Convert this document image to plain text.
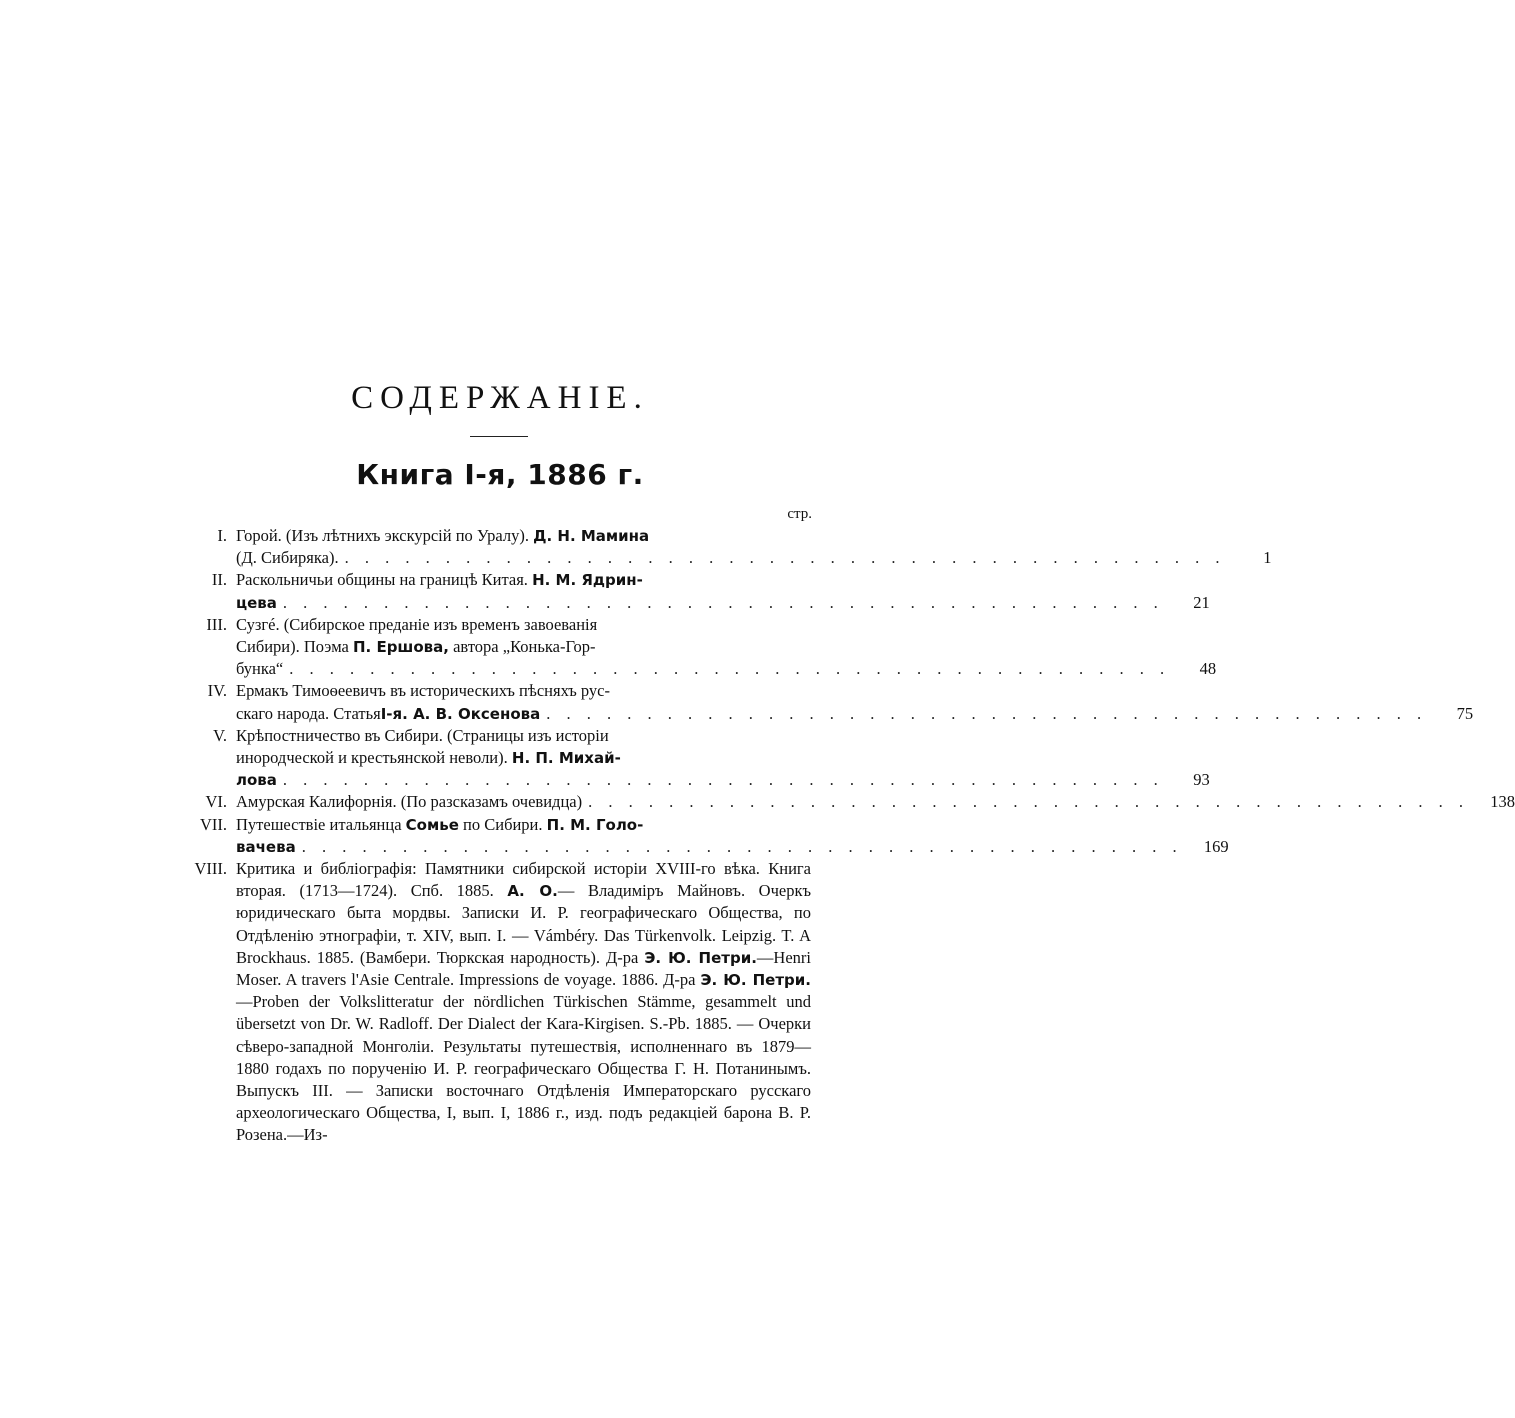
СОДЕРЖАНІЕ.
Книга I-я, 1886 г.
стр.
I. Горой. (Изъ лѣтнихъ экскурсій по Уралу). Д. Н. Мамина
(Д. Сибиряка). . . . . . . . . . . . . . . . . . . . . . . . . . . . . . . . . . . . . . . . . . . . .	1
II. Раскольничьи общины на границѣ Китая. Н. М. Ядрин-
цева . . . . . . . . . . . . . . . . . . . . . . . . . . . . . . . . . . . . . . . . . . . .	21
III. Сузгé. (Сибирское преданіе изъ временъ завоеванія
Сибири). Поэма П. Ершова, автора „Конька-Гор-
бунка“ . . . . . . . . . . . . . . . . . . . . . . . . . . . . . . . . . . . . . . . . . . . .	48
IV. Ермакъ Тимоѳеевичъ въ историческихъ пѣсняхъ рус-
скаго народа. Статья I-я. А. В. Оксенова . . . . . . . . . . . . . . . . . . . . . . . . . . . . . . . . . . . . . . . . . . . .	75
V. Крѣпостничество въ Сибири. (Страницы изъ исторіи
инородческой и крестьянской неволи). Н. П. Михай-
лова . . . . . . . . . . . . . . . . . . . . . . . . . . . . . . . . . . . . . . . . . . . .	93
VI. Амурская Калифорнія. (По разсказамъ очевидца) . . . . . . . . . . . . . . . . . . . . . . . . . . . . . . . . . . . . . . . . . . . .	138
VII. Путешествіе итальянца Сомье по Сибири. П. М. Голо-
вачева . . . . . . . . . . . . . . . . . . . . . . . . . . . . . . . . . . . . . . . . . . . .	169
VIII. Критика и библіографія: Памятники сибирской исторіи XVIII-го вѣка. Книга вторая. (1713—1724). Спб. 1885. А. О.— Владиміръ Майновъ. Очеркъ юридическаго быта мордвы. Записки И. Р. географическаго Общества, по Отдѣленію этнографіи, т. XIV, вып. I. — Vámbéry. Das Türkenvolk. Leipzig. T. A Brockhaus. 1885. (Вамбери. Тюркская народность). Д-ра Э. Ю. Петри.—Henri Moser. A travers l'Asie Centrale. Impressions de voyage. 1886. Д-ра Э. Ю. Петри.—Proben der Volkslitteratur der nördlichen Türkischen Stämme, gesammelt und übersetzt von Dr. W. Radloff. Der Dialect der Kara-Kirgisen. S.-Pb. 1885. — Очерки сѣверо-западной Монголіи. Результаты путешествія, исполненнаго въ 1879—1880 годахъ по порученію И. Р. географическаго Общества Г. Н. Потанинымъ. Выпускъ III. — Записки восточнаго Отдѣленія Императорскаго русскаго археологическаго Общества, I, вып. I, 1886 г., изд. подъ редакціей барона В. Р. Розена.—Из-
